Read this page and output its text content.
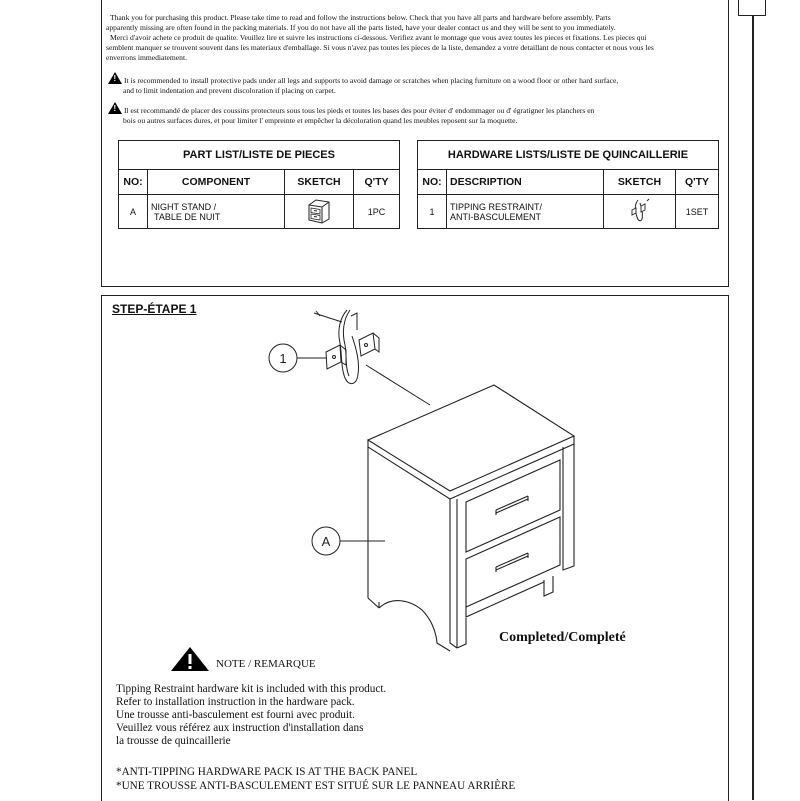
Thank you for purchasing this product. Please take time to read and follow the instructions below. Check that you have all parts and hardware before assembly. Parts
apparently missing are often found in the packing materials. If you do not have all the parts listed, have your dealer contact us and they will be sent to you immediately.
Merci d'avoir achete ce produit de qualite. Veuillez lire et suivre les instructions ci-dessous. Verifiez avant le montage que vous avez toutes les pieces et fixations. Les pieces qui
semblent manquer se trouvent souvent dans les materiaux d'emballage. Si vous n'avez pas toutes les pieces de la liste, demandez a votre detaillant de nous contacter et nous vous les
enverrons immediatement.
!It is recommended to install protective pads under all legs and supports to avoid damage or scratches when placing furniture on a wood floor or other hard surface,
and to limit indentation and prevent discoloration if placing on carpet.
!Il est recommandé de placer des coussins protecteurs sous tous les pieds et toutes les bases des pour éviter d' endommager ou d' égratigner les planchers en
bois ou autres surfaces dures, et pour limiter l' empreinte et empêcher la décoloration quand les meubles reposent sur la moquette.
PART LIST/LISTE DE PIECES			
NO:	COMPONENT	SKETCH	Q'TY
A	NIGHT STAND /
TABLE DE NUIT		1PC
HARDWARE LISTS/LISTE DE QUINCAILLERIE			
NO:	DESCRIPTION	SKETCH	Q'TY
1	TIPPING RESTRAINT/
ANTI-BASCULEMENT		1SET
STEP-ÉTAPE 1
1
A
Completed/Completé
NOTE / REMARQUE
Tipping Restraint hardware kit is included with this product.
Refer to installation instruction in the hardware pack.
Une trousse anti-basculement est fourni avec produit.
Veuillez vous référez aux instruction d'installation dans
la trousse de quincaillerie
*ANTI-TIPPING HARDWARE PACK IS AT THE BACK PANEL
*UNE TROUSSE ANTI-BASCULEMENT EST SITUÉ SUR LE PANNEAU ARRIÈRE
